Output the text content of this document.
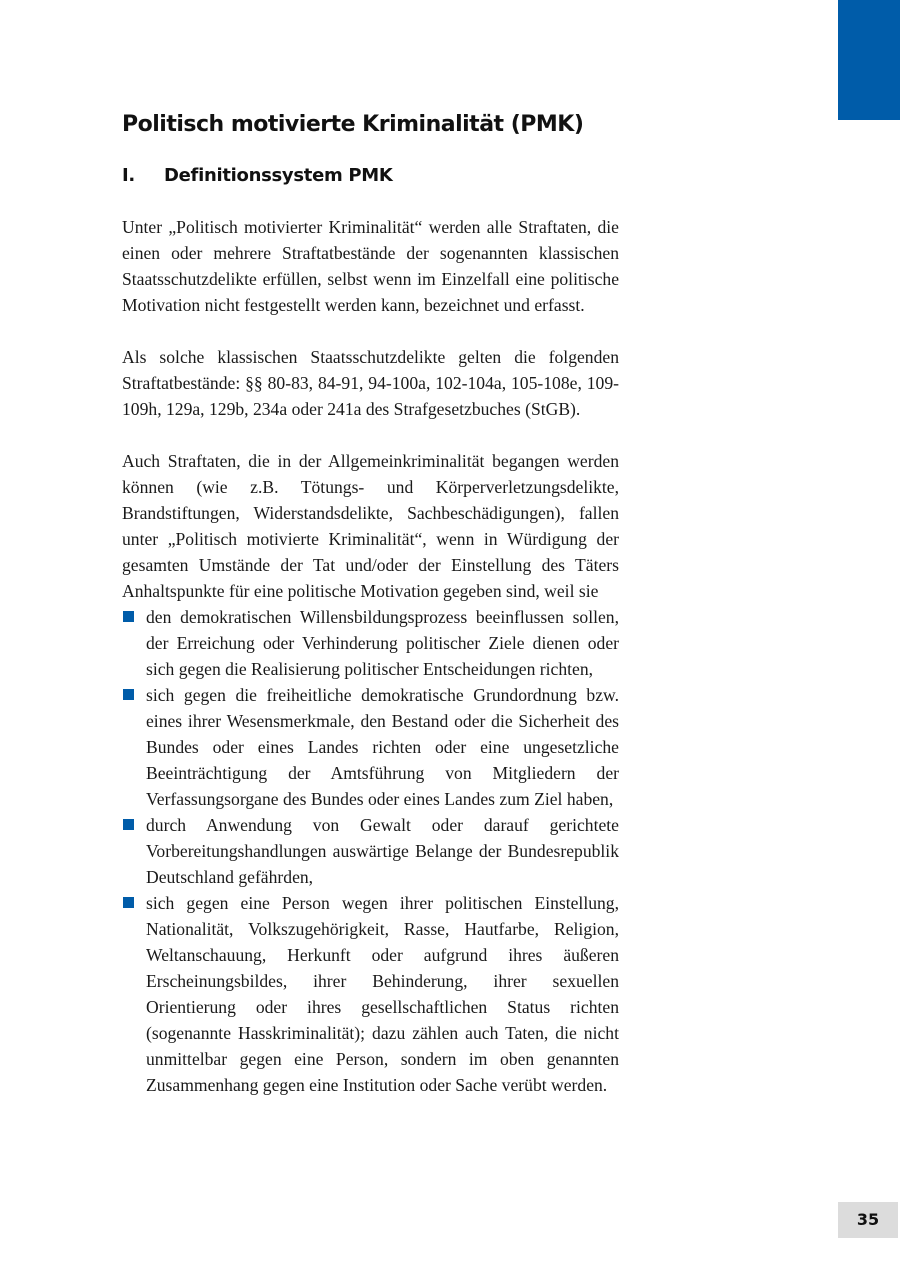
Politisch motivierte Kriminalität (PMK)
I. Definitionssystem PMK

Unter „Politisch motivierter Kriminalität“ werden alle Straftaten, die einen oder mehrere Straftatbestände der sogenannten klassischen Staatsschutzdelikte erfüllen, selbst wenn im Einzelfall eine politische Motivation nicht festgestellt werden kann, bezeichnet und erfasst.

Als solche klassischen Staatsschutzdelikte gelten die folgenden Straftatbestände: §§ 80-83, 84-91, 94-100a, 102-104a, 105-108e, 109-109h, 129a, 129b, 234a oder 241a des Strafgesetzbuches (StGB).

Auch Straftaten, die in der Allgemeinkriminalität begangen werden können (wie z.B. Tötungs- und Körperverletzungsdelikte, Brandstiftungen, Widerstandsdelikte, Sachbeschädigungen), fallen unter „Politisch motivierte Kriminalität“, wenn in Würdigung der gesamten Umstände der Tat und/oder der Einstellung des Täters Anhaltspunkte für eine politische Motivation gegeben sind, weil sie

den demokratischen Willensbildungsprozess beeinflussen sollen, der Erreichung oder Verhinderung politischer Ziele dienen oder sich gegen die Realisierung politischer Entscheidungen richten,
sich gegen die freiheitliche demokratische Grundordnung bzw. eines ihrer Wesensmerkmale, den Bestand oder die Sicherheit des Bundes oder eines Landes richten oder eine ungesetzliche Beeinträchtigung der Amtsführung von Mitgliedern der Verfassungsorgane des Bundes oder eines Landes zum Ziel haben,
durch Anwendung von Gewalt oder darauf gerichtete Vorbereitungshandlungen auswärtige Belange der Bundesrepublik Deutschland gefährden,
sich gegen eine Person wegen ihrer politischen Einstellung, Nationalität, Volkszugehörigkeit, Rasse, Hautfarbe, Religion, Weltanschauung, Herkunft oder aufgrund ihres äußeren Erscheinungsbildes, ihrer Behinderung, ihrer sexuellen Orientierung oder ihres gesellschaftlichen Status richten (sogenannte Hasskriminalität); dazu zählen auch Taten, die nicht unmittelbar gegen eine Person, sondern im oben genannten Zusammenhang gegen eine Institution oder Sache verübt werden.
35
